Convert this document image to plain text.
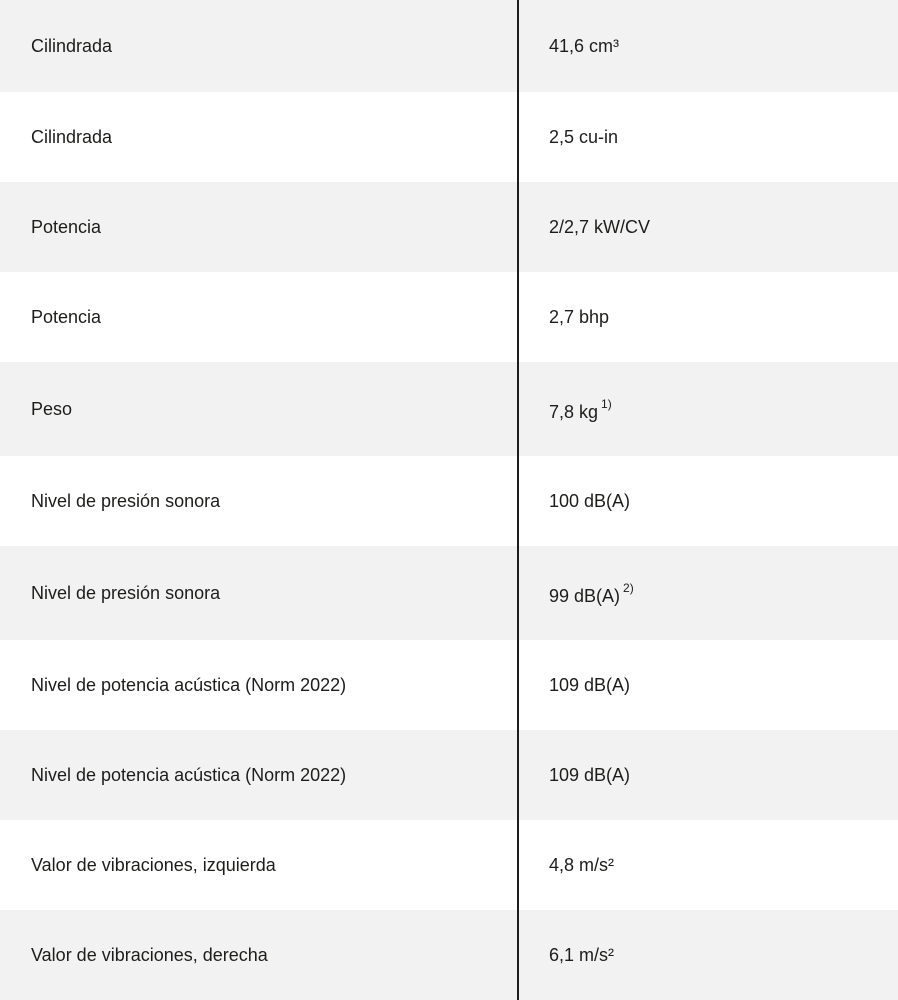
Cilindrada	41,6 cm³
Cilindrada	2,5 cu-in
Potencia	2/2,7 kW/CV
Potencia	2,7 bhp
Peso	7,8 kg $^{1)}$
Nivel de presión sonora	100 dB(A)
Nivel de presión sonora	99 dB(A) $^{2)}$
Nivel de potencia acústica (Norm 2022)	109 dB(A)
Nivel de potencia acústica (Norm 2022)	109 dB(A)
Valor de vibraciones, izquierda	4,8 m/s²
Valor de vibraciones, derecha	6,1 m/s²
